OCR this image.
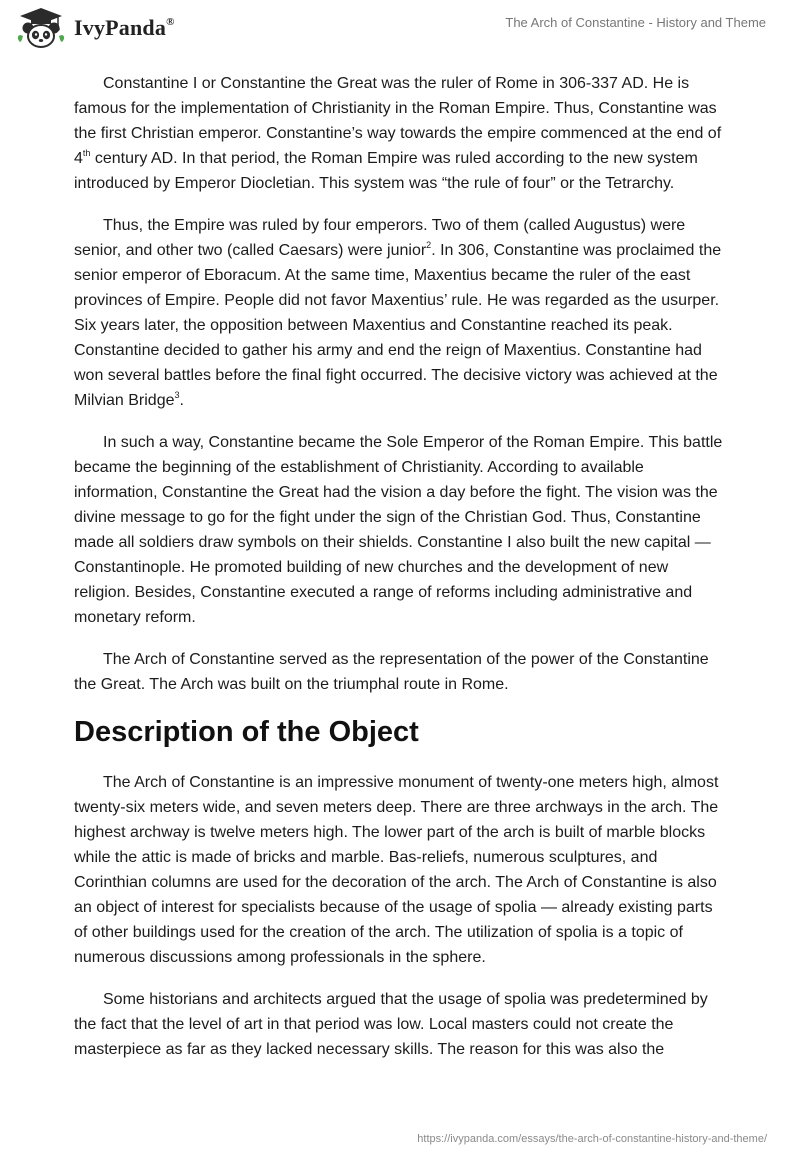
IvyPanda®	The Arch of Constantine - History and Theme

Constantine I or Constantine the Great was the ruler of Rome in 306-337 AD. He is famous for the implementation of Christianity in the Roman Empire. Thus, Constantine was the first Christian emperor. Constantine’s way towards the empire commenced at the end of 4th century AD. In that period, the Roman Empire was ruled according to the new system introduced by Emperor Diocletian. This system was “the rule of four” or the Tetrarchy.

Thus, the Empire was ruled by four emperors. Two of them (called Augustus) were senior, and other two (called Caesars) were junior$^2$. In 306, Constantine was proclaimed the senior emperor of Eboracum. At the same time, Maxentius became the ruler of the east provinces of Empire. People did not favor Maxentius’ rule. He was regarded as the usurper. Six years later, the opposition between Maxentius and Constantine reached its peak. Constantine decided to gather his army and end the reign of Maxentius. Constantine had won several battles before the final fight occurred. The decisive victory was achieved at the Milvian Bridge$^3$.

In such a way, Constantine became the Sole Emperor of the Roman Empire. This battle became the beginning of the establishment of Christianity. According to available information, Constantine the Great had the vision a day before the fight. The vision was the divine message to go for the fight under the sign of the Christian God. Thus, Constantine made all soldiers draw symbols on their shields. Constantine I also built the new capital — Constantinople. He promoted building of new churches and the development of new religion. Besides, Constantine executed a range of reforms including administrative and monetary reform.

The Arch of Constantine served as the representation of the power of the Constantine the Great. The Arch was built on the triumphal route in Rome.

Description of the Object

The Arch of Constantine is an impressive monument of twenty-one meters high, almost twenty-six meters wide, and seven meters deep. There are three archways in the arch. The highest archway is twelve meters high. The lower part of the arch is built of marble blocks while the attic is made of bricks and marble. Bas-reliefs, numerous sculptures, and Corinthian columns are used for the decoration of the arch. The Arch of Constantine is also an object of interest for specialists because of the usage of spolia — already existing parts of other buildings used for the creation of the arch. The utilization of spolia is a topic of numerous discussions among professionals in the sphere.

Some historians and architects argued that the usage of spolia was predetermined by the fact that the level of art in that period was low. Local masters could not create the masterpiece as far as they lacked necessary skills. The reason for this was also the

https://ivypanda.com/essays/the-arch-of-constantine-history-and-theme/
